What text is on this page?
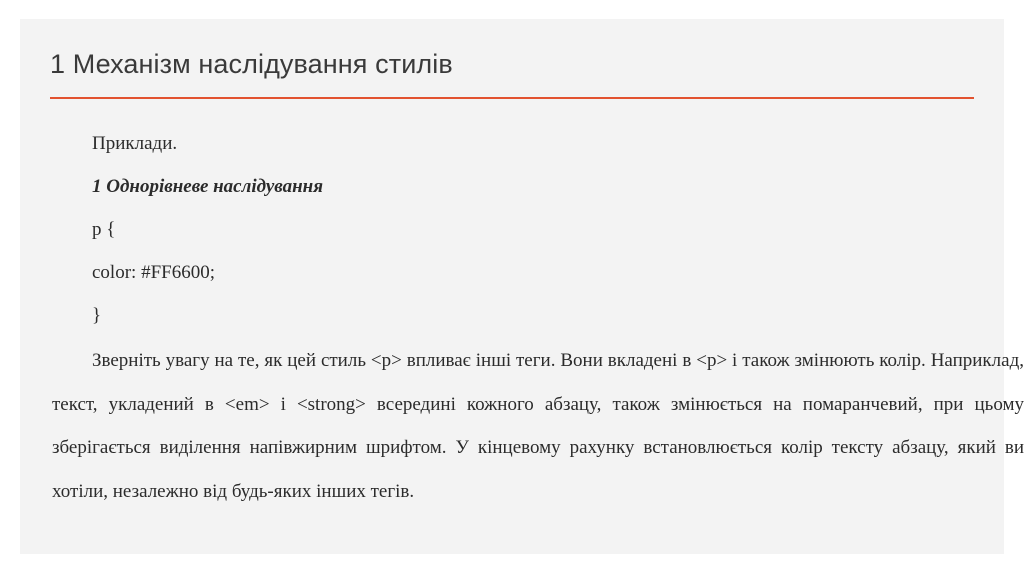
1 Механізм наслідування стилів
Приклади.
1 Однорівневе наслідування
p {
color: #FF6600;
}
Зверніть увагу на те, як цей стиль <p> впливає інші теги. Вони вкладені в <p> і також змінюють колір. Наприклад, текст, укладений в <em> і <strong> всередині кожного абзацу, також змінюється на помаранчевий, при цьому зберігається виділення напівжирним шрифтом. У кінцевому рахунку встановлюється колір тексту абзацу, який ви хотіли, незалежно від будь-яких інших тегів.
